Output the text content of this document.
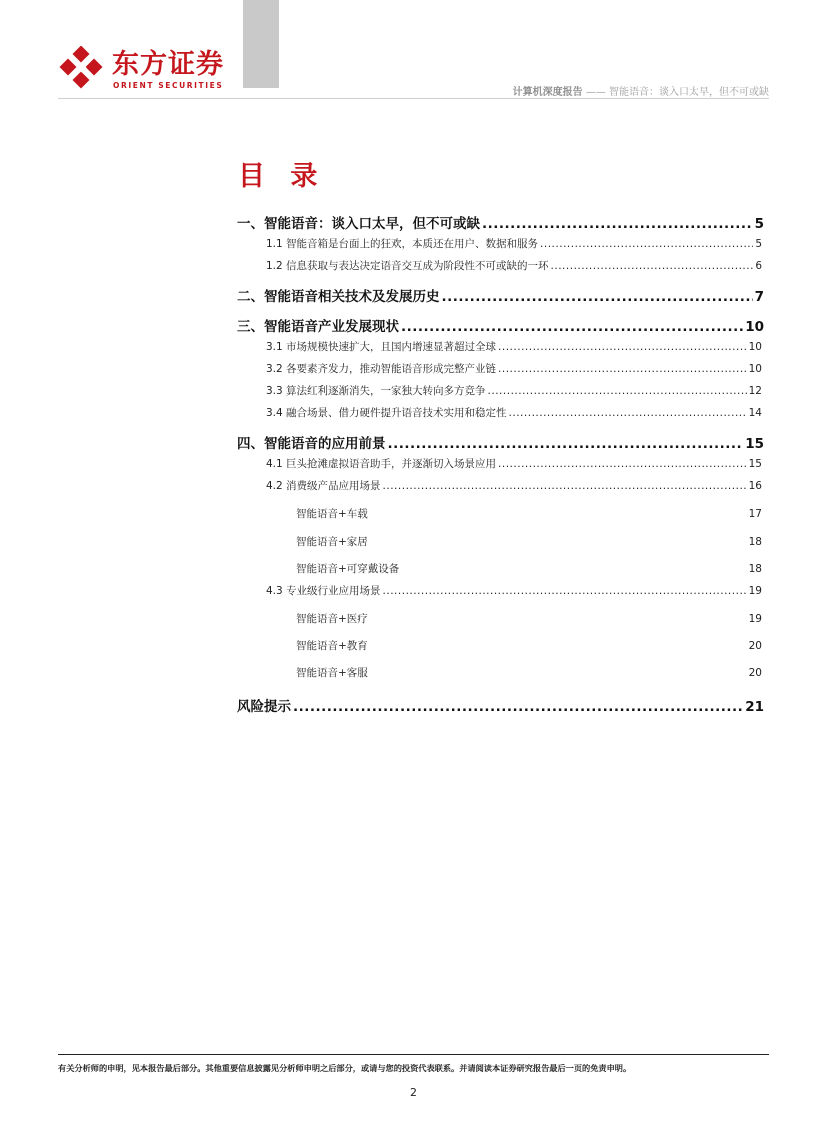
东方证券
ORIENT SECURITIES
计算机深度报告 —— 智能语音：谈入口太早，但不可或缺
目 录
一、智能语音：谈入口太早，但不可或缺 .....	5
1.1 智能音箱是台面上的狂欢，本质还在用户、数据和服务 .....	5
1.2 信息获取与表达决定语音交互成为阶段性不可或缺的一环 .....	6
二、智能语音相关技术及发展历史 .....	7
三、智能语音产业发展现状 .....	10
3.1 市场规模快速扩大，且国内增速显著超过全球 .....	10
3.2 各要素齐发力，推动智能语音形成完整产业链 .....	10
3.3 算法红利逐渐消失，一家独大转向多方竞争 .....	12
3.4 融合场景、借力硬件提升语音技术实用和稳定性 .....	14
四、智能语音的应用前景 .....	15
4.1 巨头抢滩虚拟语音助手，并逐渐切入场景应用 .....	15
4.2 消费级产品应用场景 .....	16
智能语音+车载	17
智能语音+家居	18
智能语音+可穿戴设备	18
4.3 专业级行业应用场景 .....	19
智能语音+医疗	19
智能语音+教育	20
智能语音+客服	20
风险提示 .....	21
有关分析师的申明，见本报告最后部分。其他重要信息披露见分析师申明之后部分，或请与您的投资代表联系。并请阅读本证券研究报告最后一页的免责申明。
2
